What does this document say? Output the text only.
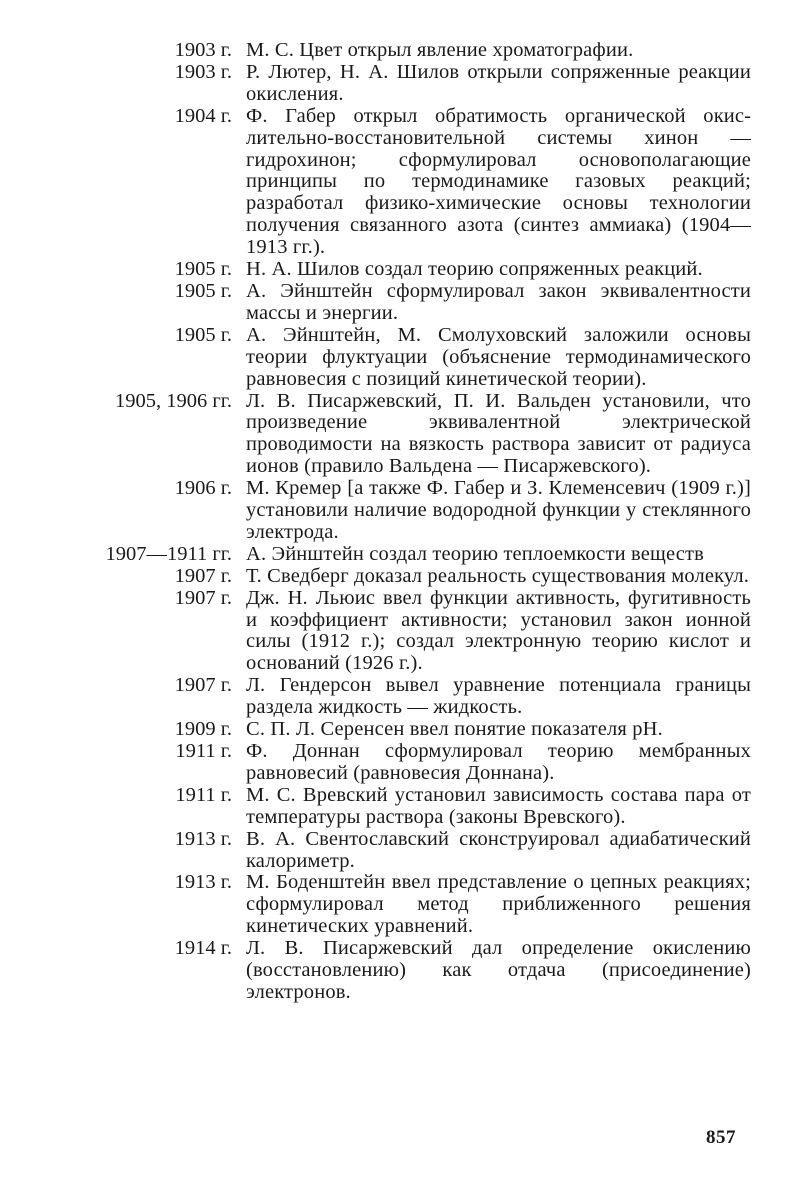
1903 г. М. С. Цвет открыл явление хроматографии.
1903 г. Р. Лютер, Н. А. Шилов открыли сопряженные реакции окисления.
1904 г. Ф. Габер открыл обратимость органической окислительно-восстановительной системы хинон — гидрохинон; сформулировал основополагающие принципы по термодинамике газовых реакций; разработал физико-химические основы технологии получения связанного азота (синтез аммиака) (1904—1913 гг.).
1905 г. Н. А. Шилов создал теорию сопряженных реакций.
1905 г. А. Эйнштейн сформулировал закон эквивалентности массы и энергии.
1905 г. А. Эйнштейн, М. Смолуховский заложили основы теории флуктуации (объяснение термодинамического равновесия с позиций кинетической теории).
1905, 1906 гг. Л. В. Писаржевский, П. И. Вальден установили, что произведение эквивалентной электрической проводимости на вязкость раствора зависит от радиуса ионов (правило Вальдена — Писаржевского).
1906 г. М. Кремер [а также Ф. Габер и З. Клеменсевич (1909 г.)] установили наличие водородной функции у стеклянного электрода.
1907—1911 гг. А. Эйнштейн создал теорию теплоемкости веществ
1907 г. Т. Сведберг доказал реальность существования молекул.
1907 г. Дж. Н. Льюис ввел функции активность, фугитивность и коэффициент активности; установил закон ионной силы (1912 г.); создал электронную теорию кислот и оснований (1926 г.).
1907 г. Л. Гендерсон вывел уравнение потенциала границы раздела жидкость — жидкость.
1909 г. С. П. Л. Серенсен ввел понятие показателя pH.
1911 г. Ф. Доннан сформулировал теорию мембранных равновесий (равновесия Доннана).
1911 г. М. С. Вревский установил зависимость состава пара от температуры раствора (законы Вревского).
1913 г. В. А. Свентославский сконструировал адиабатический калориметр.
1913 г. М. Боденштейн ввел представление о цепных реакциях; сформулировал метод приближенного решения кинетических уравнений.
1914 г. Л. В. Писаржевский дал определение окислению (восстановлению) как отдача (присоединение) электронов.
857
